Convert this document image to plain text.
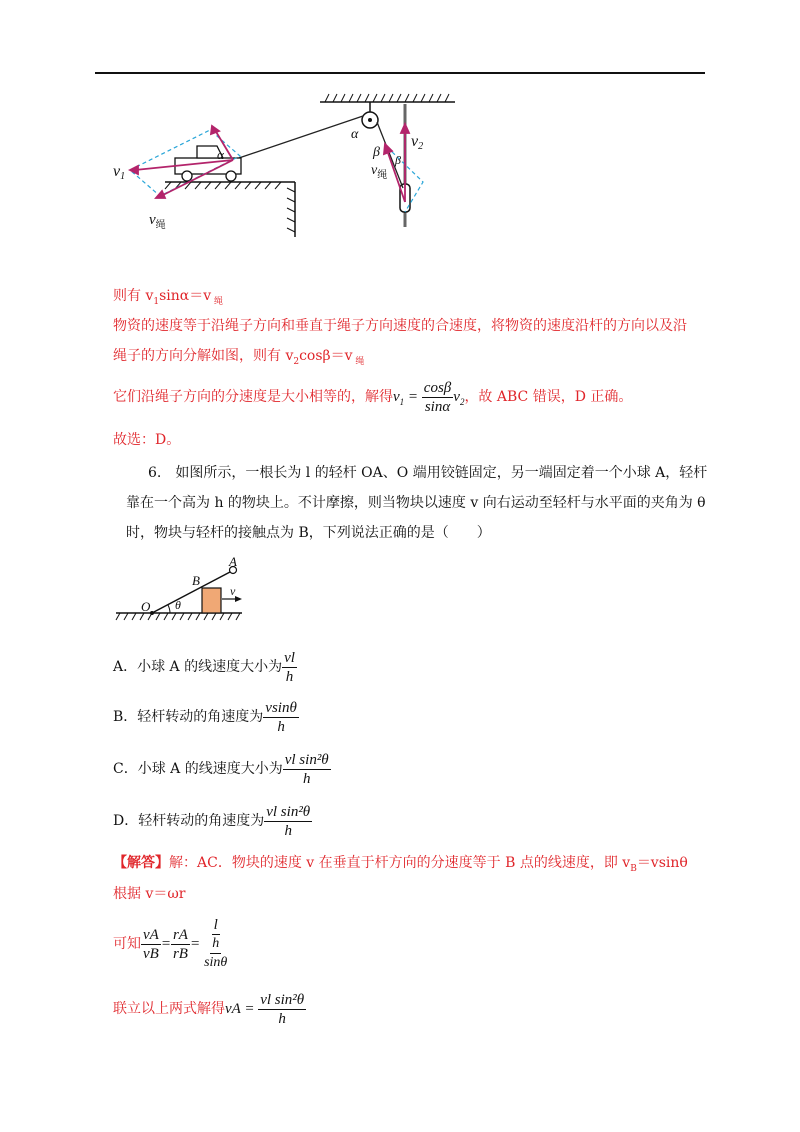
v1
$v_绳$
α
α
β β
v2
$v_绳$
则有 $v_1\sin\alpha=v$ $_绳$
物资的速度等于沿绳子方向和垂直于绳子方向速度的合速度，将物资的速度沿杆的方向以及沿
绳子的方向分解如图，则有 $v_2\cos\beta=v$ $_绳$
它们沿绳子方向的分速度是大小相等的，解得$v_1 = \frac{\cos\beta}{\sin\alpha} v_2$，故 ABC 错误，D 正确。
故选：D。
6.　如图所示，一根长为 l 的轻杆 OA、O 端用铰链固定，另一端固定着一个小球 A，轻杆
靠在一个高为 h 的物块上。不计摩擦，则当物块以速度 v 向右运动至轻杆与水平面的夹角为 θ
时，物块与轻杆的接触点为 B，下列说法正确的是（　　）
A
B
O θ
v
A．小球 A 的线速度大小为 $\frac{vl}{h}$
B．轻杆转动的角速度为 $\frac{vsin\theta}{h}$
C．小球 A 的线速度大小为 $\frac{\text{vl sin²θ}}{h}$
D．轻杆转动的角速度为 $\frac{\text{vl sin²θ}}{h}$
【解答】解：AC．物块的速度 v 在垂直于杆方向的分速度等于 B 点的线速度，即 $v_B=vsin\theta$
根据 v＝ωr
可知 $\frac{vA}{vB} = \frac{rA}{rB} = \frac{l}{\frac{h}{\sin\theta}}$
联立以上两式解得vA = $\frac{\text{vl sin²θ}}{h}$
